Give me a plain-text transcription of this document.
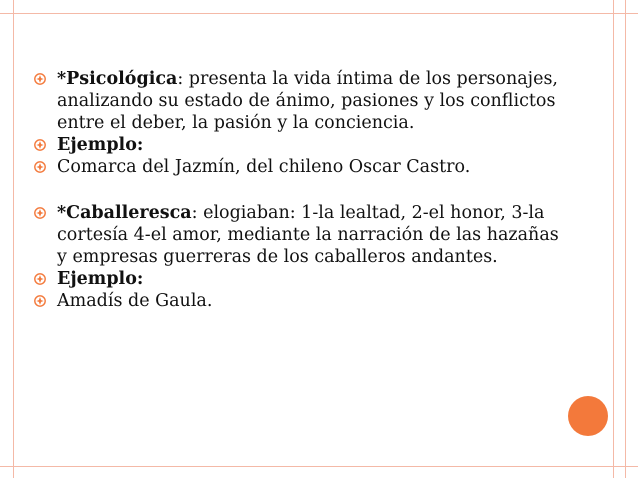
*Psicológica: presenta la vida íntima de los personajes,
analizando su estado de ánimo, pasiones y los conflictos
entre el deber, la pasión y la conciencia.
Ejemplo:
Comarca del Jazmín, del chileno Oscar Castro.
*Caballeresca: elogiaban: 1-la lealtad, 2-el honor, 3-la
cortesía 4-el amor, mediante la narración de las hazañas
y empresas guerreras de los caballeros andantes.
Ejemplo:
Amadís de Gaula.
